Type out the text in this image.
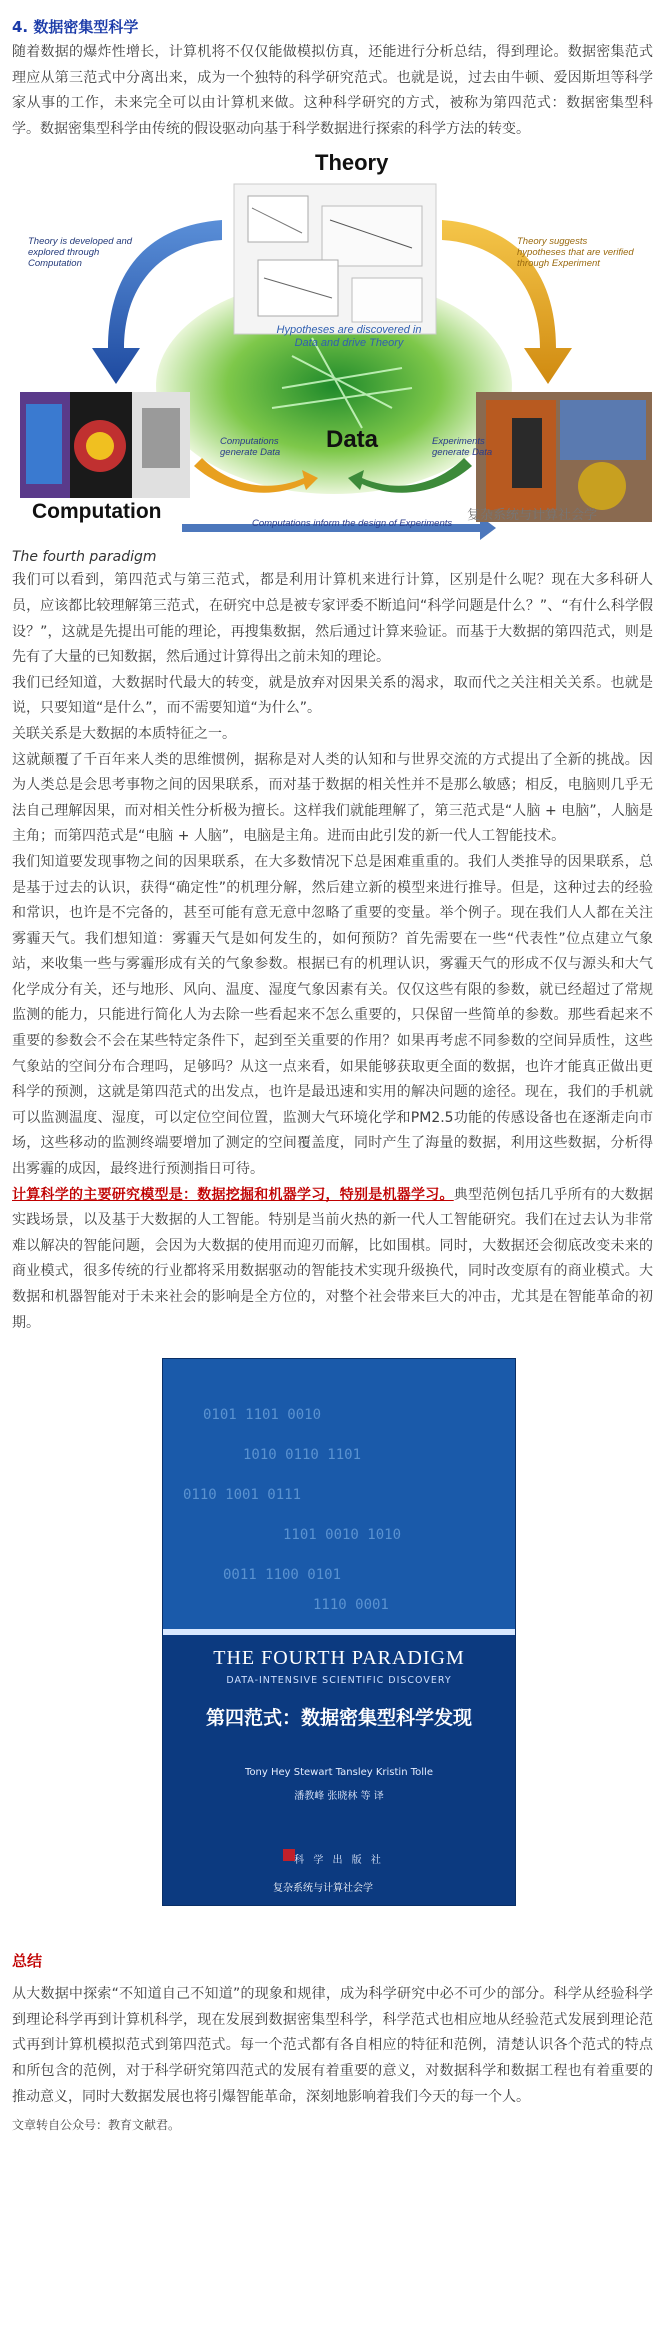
4. 数据密集型科学

随着数据的爆炸性增长，计算机将不仅仅能做模拟仿真，还能进行分析总结，得到理论。数据密集范式理应从第三范式中分离出来，成为一个独特的科学研究范式。也就是说，过去由牛顿、爱因斯坦等科学家从事的工作，未来完全可以由计算机来做。这种科学研究的方式，被称为第四范式：数据密集型科学。数据密集型科学由传统的假设驱动向基于科学数据进行探索的科学方法的转变。

Theory
Theory is developed and explored through Computation
Theory suggests hypotheses that are verified through Experiment
Hypotheses are discovered in Data and drive Theory
Data
Computations generate Data
Experiments generate Data
Computation
Computations inform the design of Experiments
复杂系统与计算社会学
The fourth paradigm

我们可以看到，第四范式与第三范式，都是利用计算机来进行计算，区别是什么呢？现在大多科研人员，应该都比较理解第三范式，在研究中总是被专家评委不断追问“科学问题是什么？”、“有什么科学假设？”，这就是先提出可能的理论，再搜集数据，然后通过计算来验证。而基于大数据的第四范式，则是先有了大量的已知数据，然后通过计算得出之前未知的理论。

我们已经知道，大数据时代最大的转变，就是放弃对因果关系的渴求，取而代之关注相关关系。也就是说，只要知道“是什么”，而不需要知道“为什么”。

关联关系是大数据的本质特征之一。

这就颠覆了千百年来人类的思维惯例，据称是对人类的认知和与世界交流的方式提出了全新的挑战。因为人类总是会思考事物之间的因果联系，而对基于数据的相关性并不是那么敏感；相反，电脑则几乎无法自己理解因果，而对相关性分析极为擅长。这样我们就能理解了，第三范式是“人脑 + 电脑”，人脑是主角；而第四范式是“电脑 + 人脑”，电脑是主角。进而由此引发的新一代人工智能技术。

我们知道要发现事物之间的因果联系，在大多数情况下总是困难重重的。我们人类推导的因果联系，总是基于过去的认识，获得“确定性”的机理分解，然后建立新的模型来进行推导。但是，这种过去的经验和常识，也许是不完备的，甚至可能有意无意中忽略了重要的变量。举个例子。现在我们人人都在关注雾霾天气。我们想知道：雾霾天气是如何发生的，如何预防？首先需要在一些“代表性”位点建立气象站，来收集一些与雾霾形成有关的气象参数。根据已有的机理认识，雾霾天气的形成不仅与源头和大气化学成分有关，还与地形、风向、温度、湿度气象因素有关。仅仅这些有限的参数，就已经超过了常规监测的能力，只能进行简化人为去除一些看起来不怎么重要的，只保留一些简单的参数。那些看起来不重要的参数会不会在某些特定条件下，起到至关重要的作用？如果再考虑不同参数的空间异质性，这些气象站的空间分布合理吗，足够吗？从这一点来看，如果能够获取更全面的数据，也许才能真正做出更科学的预测，这就是第四范式的出发点，也许是最迅速和实用的解决问题的途径。现在，我们的手机就可以监测温度、湿度，可以定位空间位置，监测大气环境化学和PM2.5功能的传感设备也在逐渐走向市场，这些移动的监测终端要增加了测定的空间覆盖度，同时产生了海量的数据，利用这些数据，分析得出雾霾的成因，最终进行预测指日可待。

计算科学的主要研究模型是：数据挖掘和机器学习，特别是机器学习。典型范例包括几乎所有的大数据实践场景，以及基于大数据的人工智能。特别是当前火热的新一代人工智能研究。我们在过去认为非常难以解决的智能问题，会因为大数据的使用而迎刃而解，比如围棋。同时，大数据还会彻底改变未来的商业模式，很多传统的行业都将采用数据驱动的智能技术实现升级换代，同时改变原有的商业模式。大数据和机器智能对于未来社会的影响是全方位的，对整个社会带来巨大的冲击，尤其是在智能革命的初期。

0101 1101 0010
1010 0110 1101
0110 1001 0111
1101 0010 1010
0011 1100 0101
1110 0001
THE FOURTH PARADIGM
DATA-INTENSIVE SCIENTIFIC DISCOVERY
第四范式：数据密集型科学发现
Tony Hey Stewart Tansley Kristin Tolle
潘教峰 张晓林 等 译
科 学 出 版 社
复杂系统与计算社会学
总结

从大数据中探索“不知道自己不知道”的现象和规律，成为科学研究中必不可少的部分。科学从经验科学到理论科学再到计算机科学，现在发展到数据密集型科学，科学范式也相应地从经验范式发展到理论范式再到计算机模拟范式到第四范式。每一个范式都有各自相应的特征和范例，清楚认识各个范式的特点和所包含的范例，对于科学研究第四范式的发展有着重要的意义，对数据科学和数据工程也有着重要的推动意义，同时大数据发展也将引爆智能革命，深刻地影响着我们今天的每一个人。

文章转自公众号：教育文献君。
